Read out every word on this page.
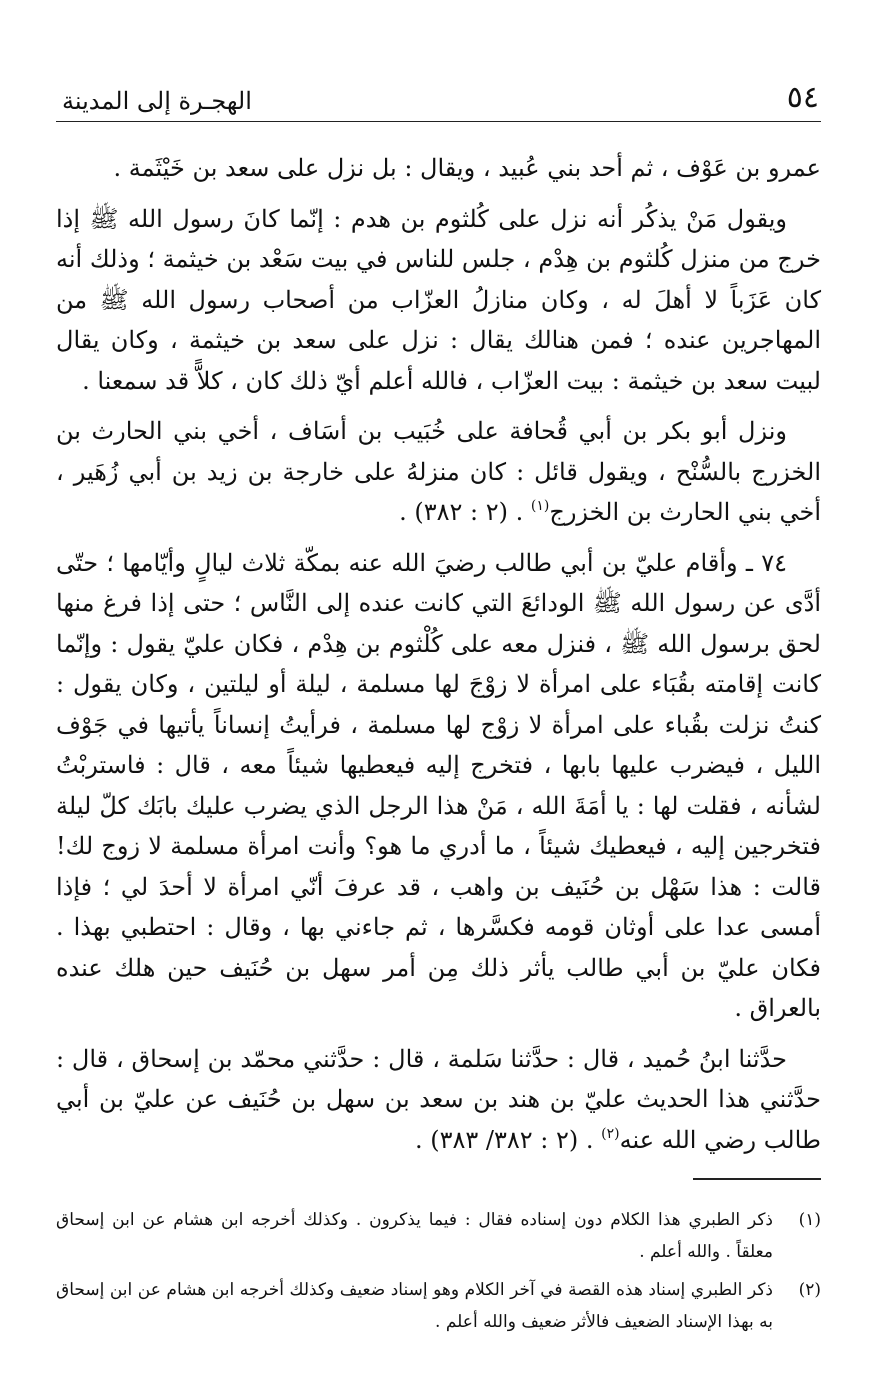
٥٤
الهجـرة إلى المدينة

عمرو بن عَوْف ، ثم أحد بني عُبيد ، ويقال : بل نزل على سعد بن خَيْثَمة .

ويقول مَنْ يذكُر أنه نزل على كُلثوم بن هدم : إنّما كانَ رسول الله ﷺ إذا خرج من منزل كُلثوم بن هِدْم ، جلس للناس في بيت سَعْد بن خيثمة ؛ وذلك أنه كان عَزَباً لا أهلَ له ، وكان منازلُ العزّاب من أصحاب رسول الله ﷺ من المهاجرين عنده ؛ فمن هنالك يقال : نزل على سعد بن خيثمة ، وكان يقال لبيت سعد بن خيثمة : بيت العزّاب ، فالله أعلم أيّ ذلك كان ، كلاًّ قد سمعنا .

ونزل أبو بكر بن أبي قُحافة على خُبَيب بن أسَاف ، أخي بني الحارث بن الخزرج بالسُّنْح ، ويقول قائل : كان منزلهُ على خارجة بن زيد بن أبي زُهَير ، أخي بني الحارث بن الخزرج$^{(١)}$ . (٢ : ٣٨٢) .

٧٤ ـ وأقام عليّ بن أبي طالب رضيَ الله عنه بمكّة ثلاث ليالٍ وأيّامها ؛ حتّى أدَّى عن رسول الله ﷺ الودائعَ التي كانت عنده إلى النَّاس ؛ حتى إذا فرغ منها لحق برسول الله ﷺ ، فنزل معه على كُلْثوم بن هِدْم ، فكان عليّ يقول : وإنّما كانت إقامته بقُبَاء على امرأة لا زوْجَ لها مسلمة ، ليلة أو ليلتين ، وكان يقول : كنتُ نزلت بقُباء على امرأة لا زوْج لها مسلمة ، فرأيتُ إنساناً يأتيها في جَوْف الليل ، فيضرب عليها بابها ، فتخرج إليه فيعطيها شيئاً معه ، قال : فاستربْتُ لشأنه ، فقلت لها : يا أمَةَ الله ، مَنْ هذا الرجل الذي يضرب عليك بابَك كلّ ليلة فتخرجين إليه ، فيعطيك شيئاً ، ما أدري ما هو؟ وأنت امرأة مسلمة لا زوج لك! قالت : هذا سَهْل بن حُنَيف بن واهب ، قد عرفَ أنّي امرأة لا أحدَ لي ؛ فإذا أمسى عدا على أوثان قومه فكسَّرها ، ثم جاءني بها ، وقال : احتطبي بهذا . فكان عليّ بن أبي طالب يأثر ذلك مِن أمر سهل بن حُنَيف حين هلك عنده بالعراق .

حدَّثنا ابنُ حُميد ، قال : حدَّثنا سَلمة ، قال : حدَّثني محمّد بن إسحاق ، قال : حدَّثني هذا الحديث عليّ بن هند بن سعد بن سهل بن حُنَيف عن عليّ بن أبي طالب رضي الله عنه$^{(٢)}$ . (٢ : ٣٨٢/ ٣٨٣) .

(١)
ذكر الطبري هذا الكلام دون إسناده فقال : فيما يذكرون . وكذلك أخرجه ابن هشام عن ابن إسحاق معلقاً . والله أعلم .
(٢)
ذكر الطبري إسناد هذه القصة في آخر الكلام وهو إسناد ضعيف وكذلك أخرجه ابن هشام عن ابن إسحاق به بهذا الإسناد الضعيف فالأثر ضعيف والله أعلم .
